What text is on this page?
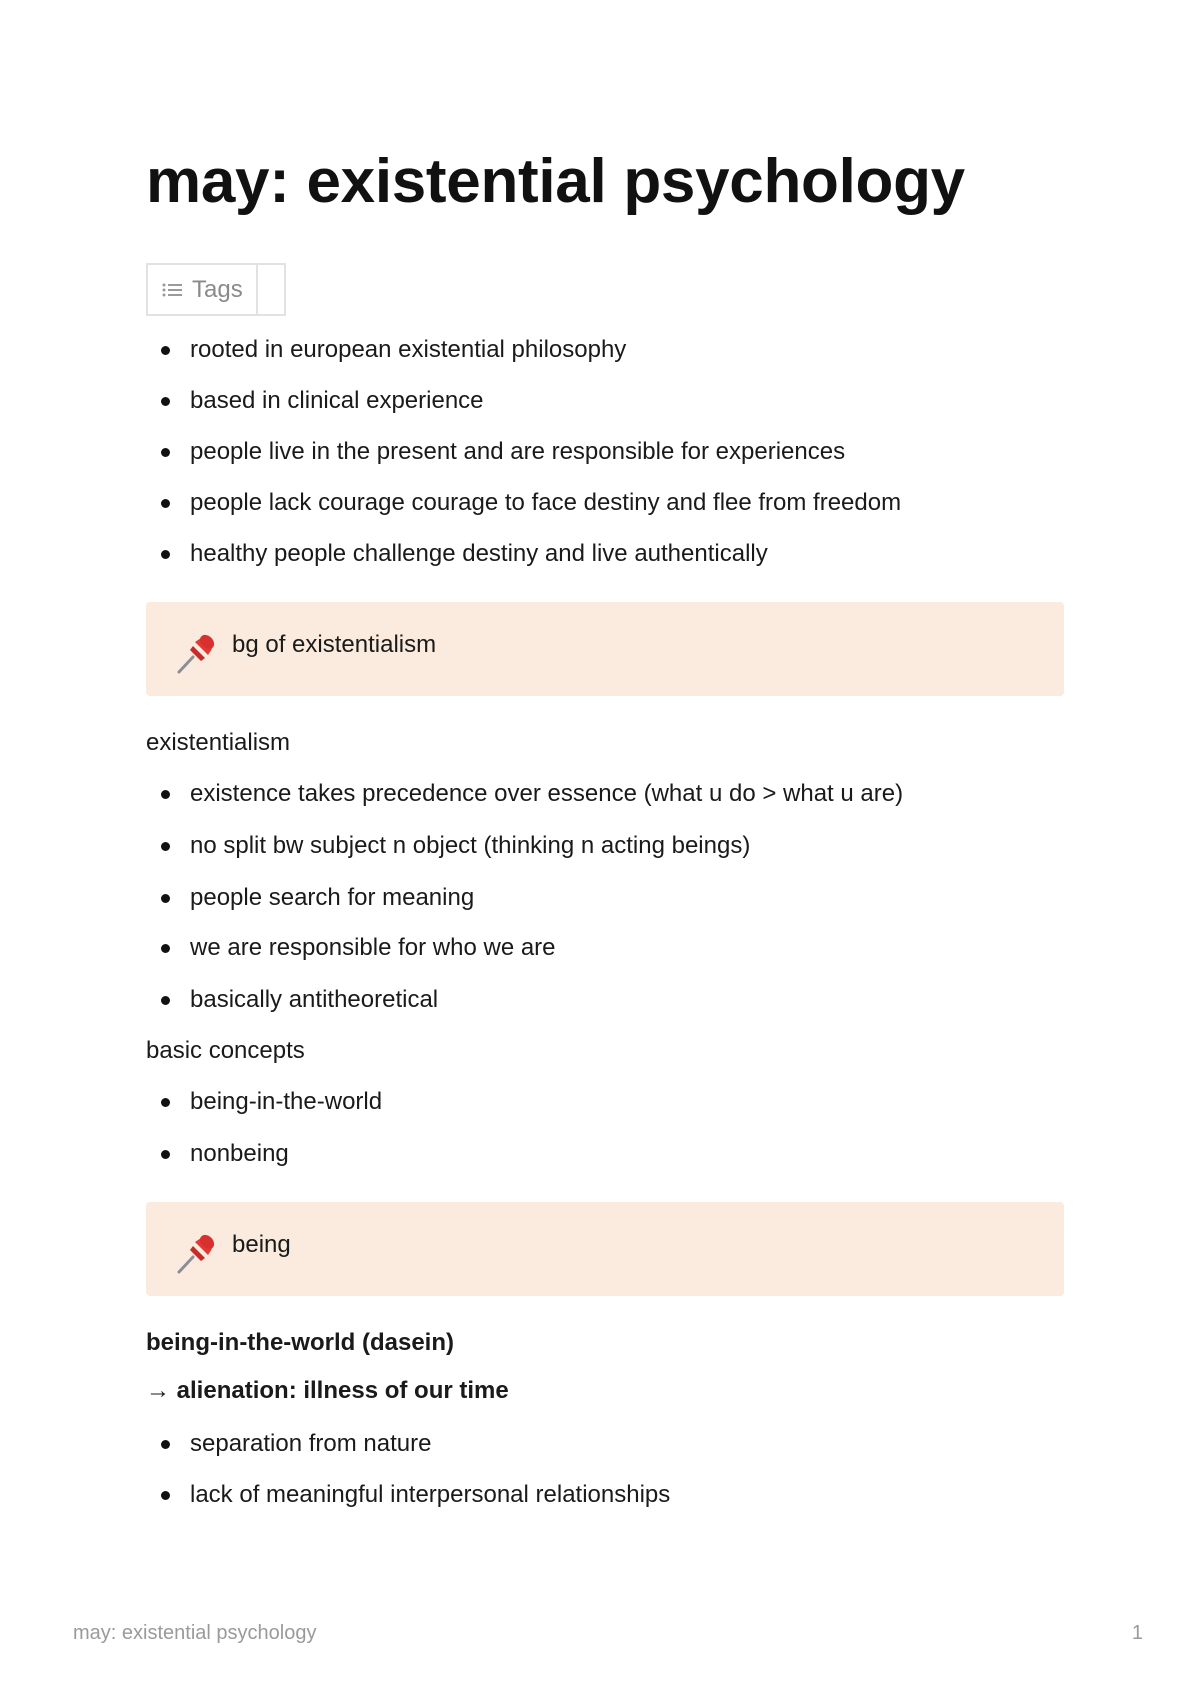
may: existential psychology
Tags
rooted in european existential philosophy
based in clinical experience
people live in the present and are responsible for experiences
people lack courage courage to face destiny and flee from freedom
healthy people challenge destiny and live authentically
bg of existentialism

existentialism

existence takes precedence over essence (what u do > what u are)
no split bw subject n object (thinking n acting beings)
people search for meaning
we are responsible for who we are
basically antitheoretical

basic concepts

being-in-the-world
nonbeing
being

being-in-the-world (dasein)

→ alienation: illness of our time

separation from nature
lack of meaningful interpersonal relationships
may: existential psychology	1
